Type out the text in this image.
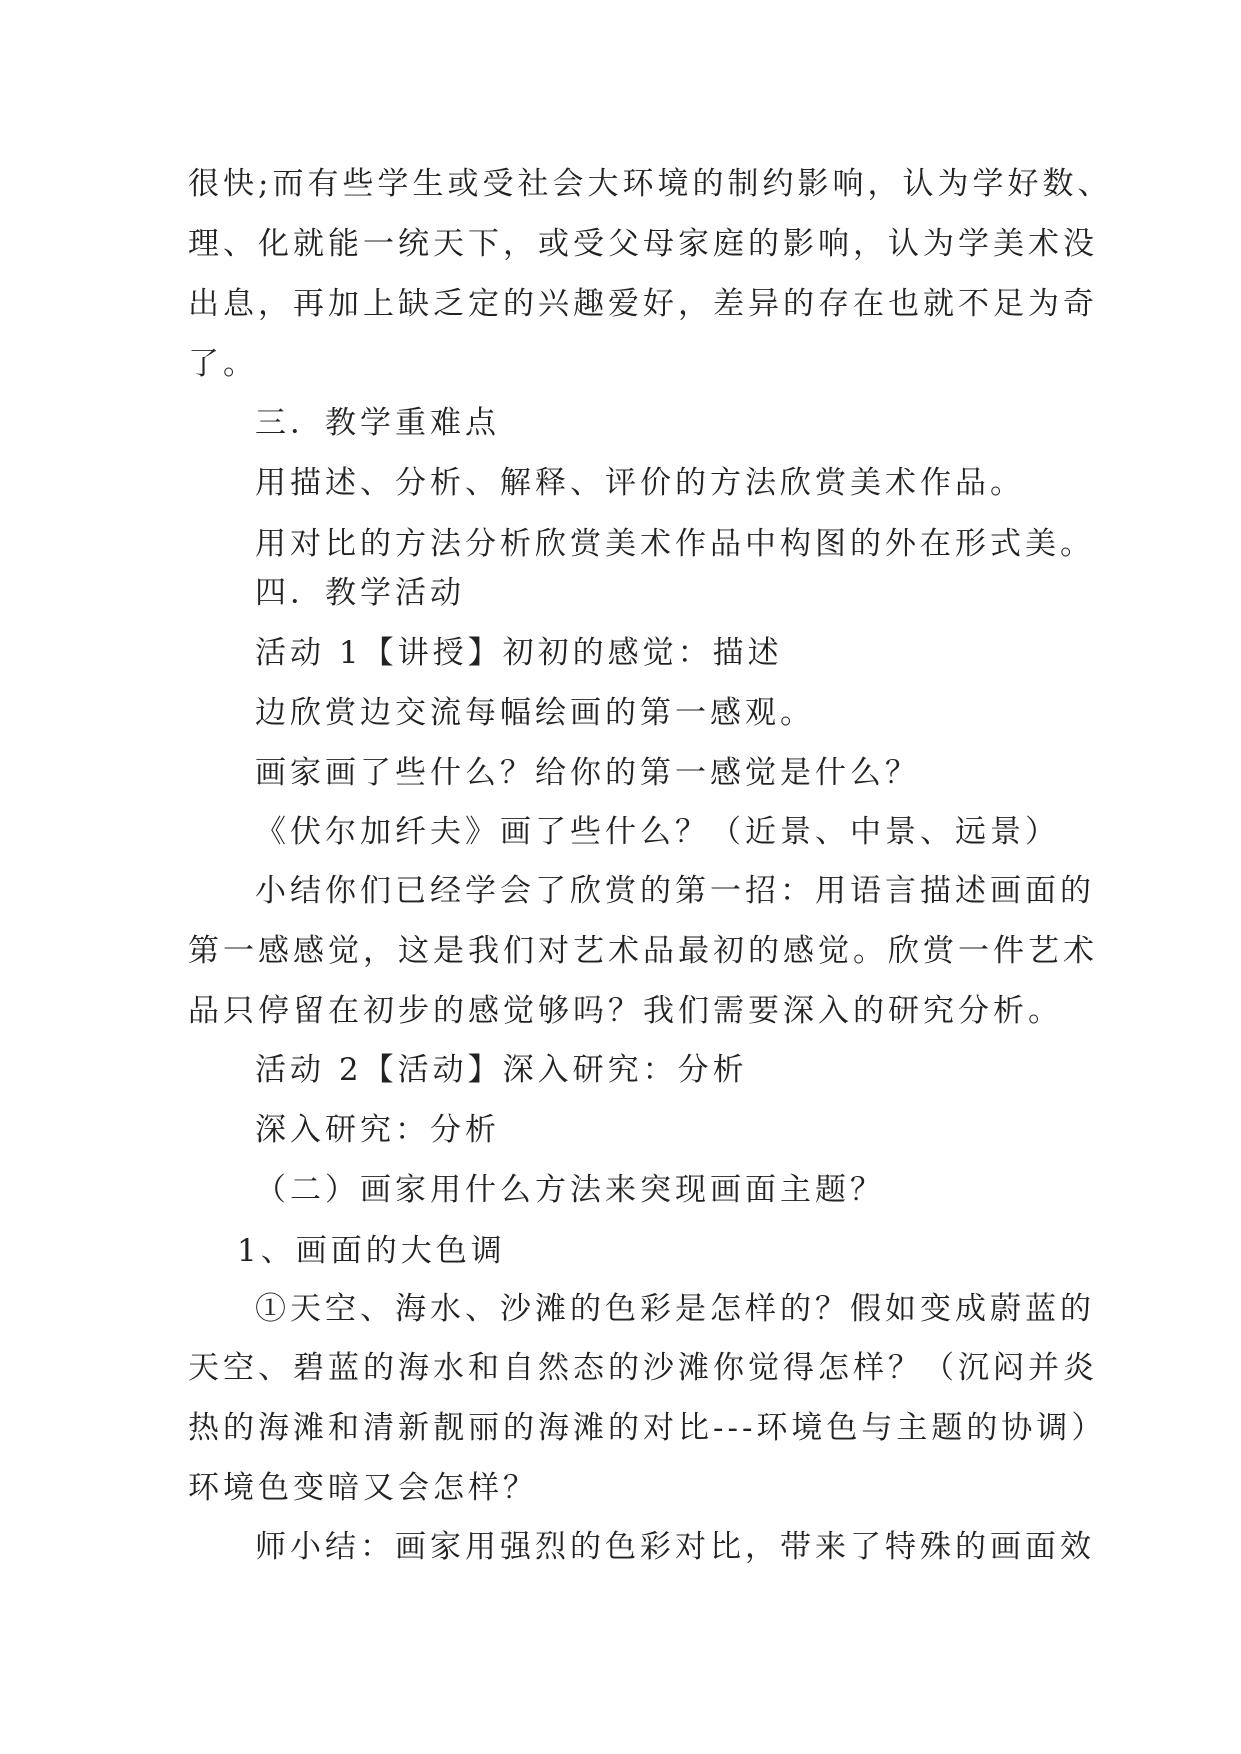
很快;而有些学生或受社会大环境的制约影响，认为学好数、
理、化就能一统天下，或受父母家庭的影响，认为学美术没
出息，再加上缺乏定的兴趣爱好，差异的存在也就不足为奇
了。
三．教学重难点
用描述、分析、解释、评价的方法欣赏美术作品。
用对比的方法分析欣赏美术作品中构图的外在形式美。
四．教学活动
活动 1【讲授】初初的感觉：描述
边欣赏边交流每幅绘画的第一感观。
画家画了些什么？给你的第一感觉是什么？
《伏尔加纤夫》画了些什么？（近景、中景、远景）
小结你们已经学会了欣赏的第一招：用语言描述画面的
第一感感觉，这是我们对艺术品最初的感觉。欣赏一件艺术
品只停留在初步的感觉够吗？我们需要深入的研究分析。
活动 2【活动】深入研究：分析
深入研究：分析
（二）画家用什么方法来突现画面主题？
1、画面的大色调
①天空、海水、沙滩的色彩是怎样的？假如变成蔚蓝的
天空、碧蓝的海水和自然态的沙滩你觉得怎样？（沉闷并炎
热的海滩和清新靓丽的海滩的对比---环境色与主题的协调）
环境色变暗又会怎样？
师小结：画家用强烈的色彩对比，带来了特殊的画面效
